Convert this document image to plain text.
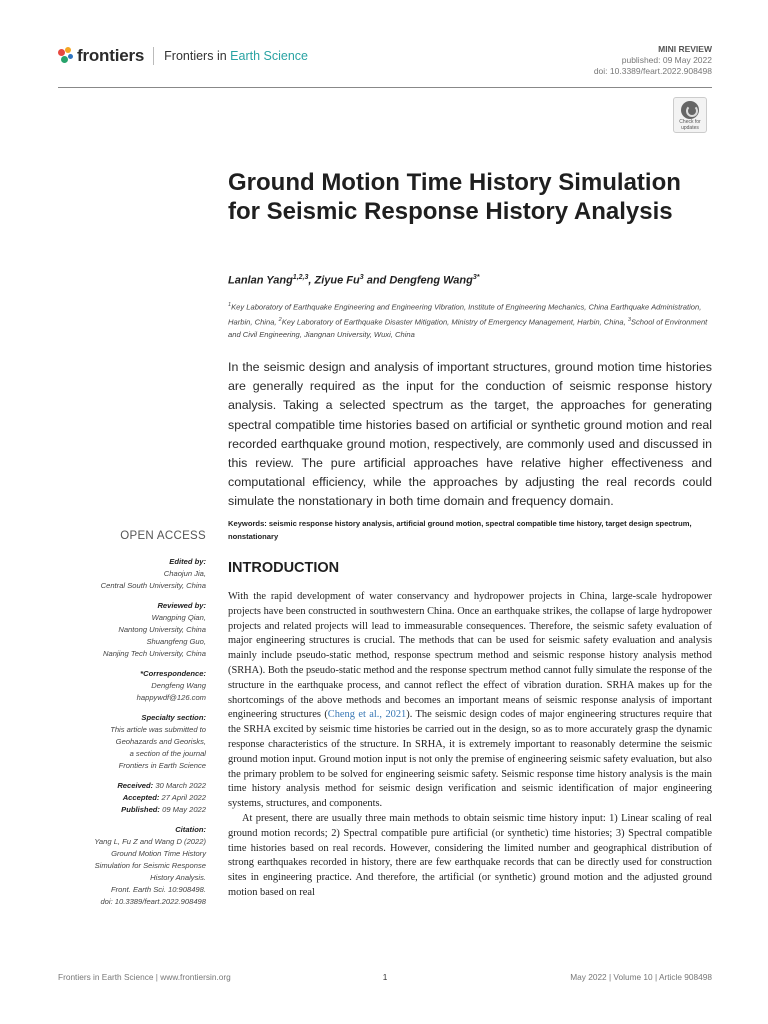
frontiers Frontiers in Earth Science	MINI REVIEW
published: 09 May 2022
doi: 10.3389/feart.2022.908498
Check for updates
Ground Motion Time History Simulation for Seismic Response History Analysis
Lanlan Yang$^{1,2,3}$, Ziyue Fu$^3$ and Dengfeng Wang$^{3*}$
$^1$Key Laboratory of Earthquake Engineering and Engineering Vibration, Institute of Engineering Mechanics, China Earthquake Administration, Harbin, China, $^2$Key Laboratory of Earthquake Disaster Mitigation, Ministry of Emergency Management, Harbin, China, $^3$School of Environment and Civil Engineering, Jiangnan University, Wuxi, China

In the seismic design and analysis of important structures, ground motion time histories are generally required as the input for the conduction of seismic response history analysis. Taking a selected spectrum as the target, the approaches for generating spectral compatible time histories based on artificial or synthetic ground motion and real recorded earthquake ground motion, respectively, are commonly used and discussed in this review. The pure artificial approaches have relative higher effectiveness and computational efficiency, while the approaches by adjusting the real records could simulate the nonstationary in both time domain and frequency domain.

Keywords: seismic response history analysis, artificial ground motion, spectral compatible time history, target design spectrum, nonstationary

OPEN ACCESS
Edited by:
Chaojun Jia,
Central South University, China
Reviewed by:
Wangping Qian,
Nantong University, China
Shuangfeng Guo,
Nanjing Tech University, China
*Correspondence:
Dengfeng Wang
happywdf@126.com
Specialty section:
This article was submitted to
Geohazards and Georisks,
a section of the journal
Frontiers in Earth Science
Received: 30 March 2022
Accepted: 27 April 2022
Published: 09 May 2022
Citation:
Yang L, Fu Z and Wang D (2022)
Ground Motion Time History
Simulation for Seismic Response
History Analysis.
Front. Earth Sci. 10:908498.
doi: 10.3389/feart.2022.908498
INTRODUCTION

With the rapid development of water conservancy and hydropower projects in China, large-scale hydropower projects have been constructed in southwestern China. Once an earthquake strikes, the collapse of large hydropower projects and related projects will lead to immeasurable consequences. Therefore, the seismic safety evaluation of major engineering structures is crucial. The methods that can be used for seismic safety evaluation and analysis mainly include pseudo-static method, response spectrum method and seismic response history analysis method (SRHA). Both the pseudo-static method and the response spectrum method cannot fully simulate the response of the structure in the earthquake process, and cannot reflect the effect of vibration duration. SRHA makes up for the shortcomings of the above methods and becomes an important means of seismic response analysis of important engineering structures (Cheng et al., 2021). The seismic design codes of major engineering structures require that the SRHA excited by seismic time histories be carried out in the design, so as to more accurately grasp the dynamic response characteristics of the structure. In SRHA, it is extremely important to reasonably determine the seismic ground motion input. Ground motion input is not only the premise of engineering seismic safety evaluation, but also the primary problem to be solved for engineering seismic safety. Seismic response time history analysis is the main time history analysis method for seismic design verification and seismic identification of major engineering systems, structures, and components.

At present, there are usually three main methods to obtain seismic time history input: 1) Linear scaling of real ground motion records; 2) Spectral compatible pure artificial (or synthetic) time histories; 3) Spectral compatible time histories based on real records. However, considering the limited number and geographical distribution of strong earthquakes recorded in history, there are few earthquake records that can be directly used for construction sites in engineering practice. And therefore, the artificial (or synthetic) ground motion and the adjusted ground motion based on real

Frontiers in Earth Science | www.frontiersin.org	1	May 2022 | Volume 10 | Article 908498
